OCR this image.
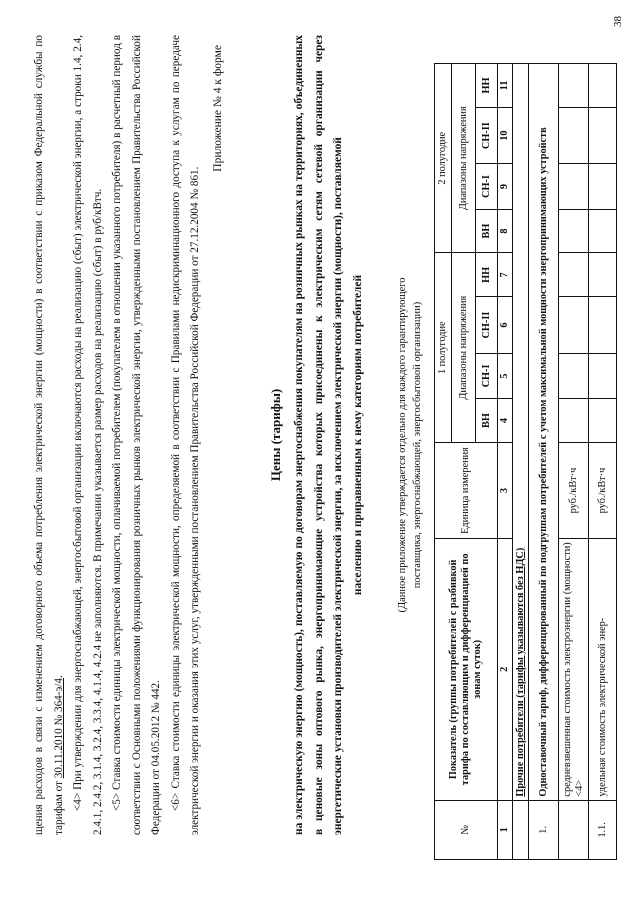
щения расходов в связи с изменением договорного объема потребления электрической энергии (мощности) в соответствии с приказом Федеральной службы по тарифам от 30.11.2010 № 364-э/4. <4> При утверждении для энергоснабжающей, энергосбытовой организации включаются расходы на реализацию (сбыт) электрической энергии, а строки 1.4, 2.4, 2.4.1, 2.4.2, 3.1.4, 3.2.4, 3.3.4, 4.1.4, 4.2.4 не заполняются. В примечании указывается размер расходов на реализацию (сбыт) в руб/кВтч. <5> Ставка стоимости единицы электрической мощности, оплачиваемой потребителем (покупателем в отношении указанного потребителя) в расчетный период в соответствии с Основными положениями функционирования розничных рынков электрической энергии, утвержденными постановлением Правительства Российской Федерации от 04.05.2012 № 442. <6> Ставка стоимости единицы электрической мощности, определяемой в соответствии с Правилами недискриминационного доступа к услугам по передаче электрической энергии и оказания этих услуг, утвержденными постановлением Правительства Российской Федерации от 27.12.2004 № 861.

Приложение № 4 к форме
Цены (тарифы) на электрическую энергию (мощность), поставляемую по договорам энергоснабжения покупателям на розничных рынках на территориях, объединенных в ценовые зоны оптового рынка, энергопринимающие устройства которых присоединены к электрическим сетям сетевой организации через энергетические установки производителей электрической энергии, за исключением электрической энергии (мощности), поставляемой населению и приравненным к нему категориям потребителей	(Данное приложение утверждается отдельно для каждого гарантирующего поставщика, энергоснабжающей, энергосбытовой организации)
№	Показатель (группы потребителей с разбивкой тарифа по составляющим и дифференциацией по зонам суток)	Единица измерения	1 полугодие				2 полугодие			
			Диапазоны напряжения				Диапазоны напряжения			
			ВН	СН-I	СН-II	НН	ВН	СН-I	СН-II	НН
1	2	3	4	5	6	7	8	9	10	11
	Прочие потребители (тарифы указываются без НДС)									
1.	Одноставочный тариф, дифференцированный по подгруппам потребителей с учетом максимальной мощности энергопринимающих устройств									
	средневзвешенная стоимость электроэнергии (мощности) <4>	руб./кВт·ч								
1.1.	удельная стоимость электрической энер-	руб./кВт·ч								
38
